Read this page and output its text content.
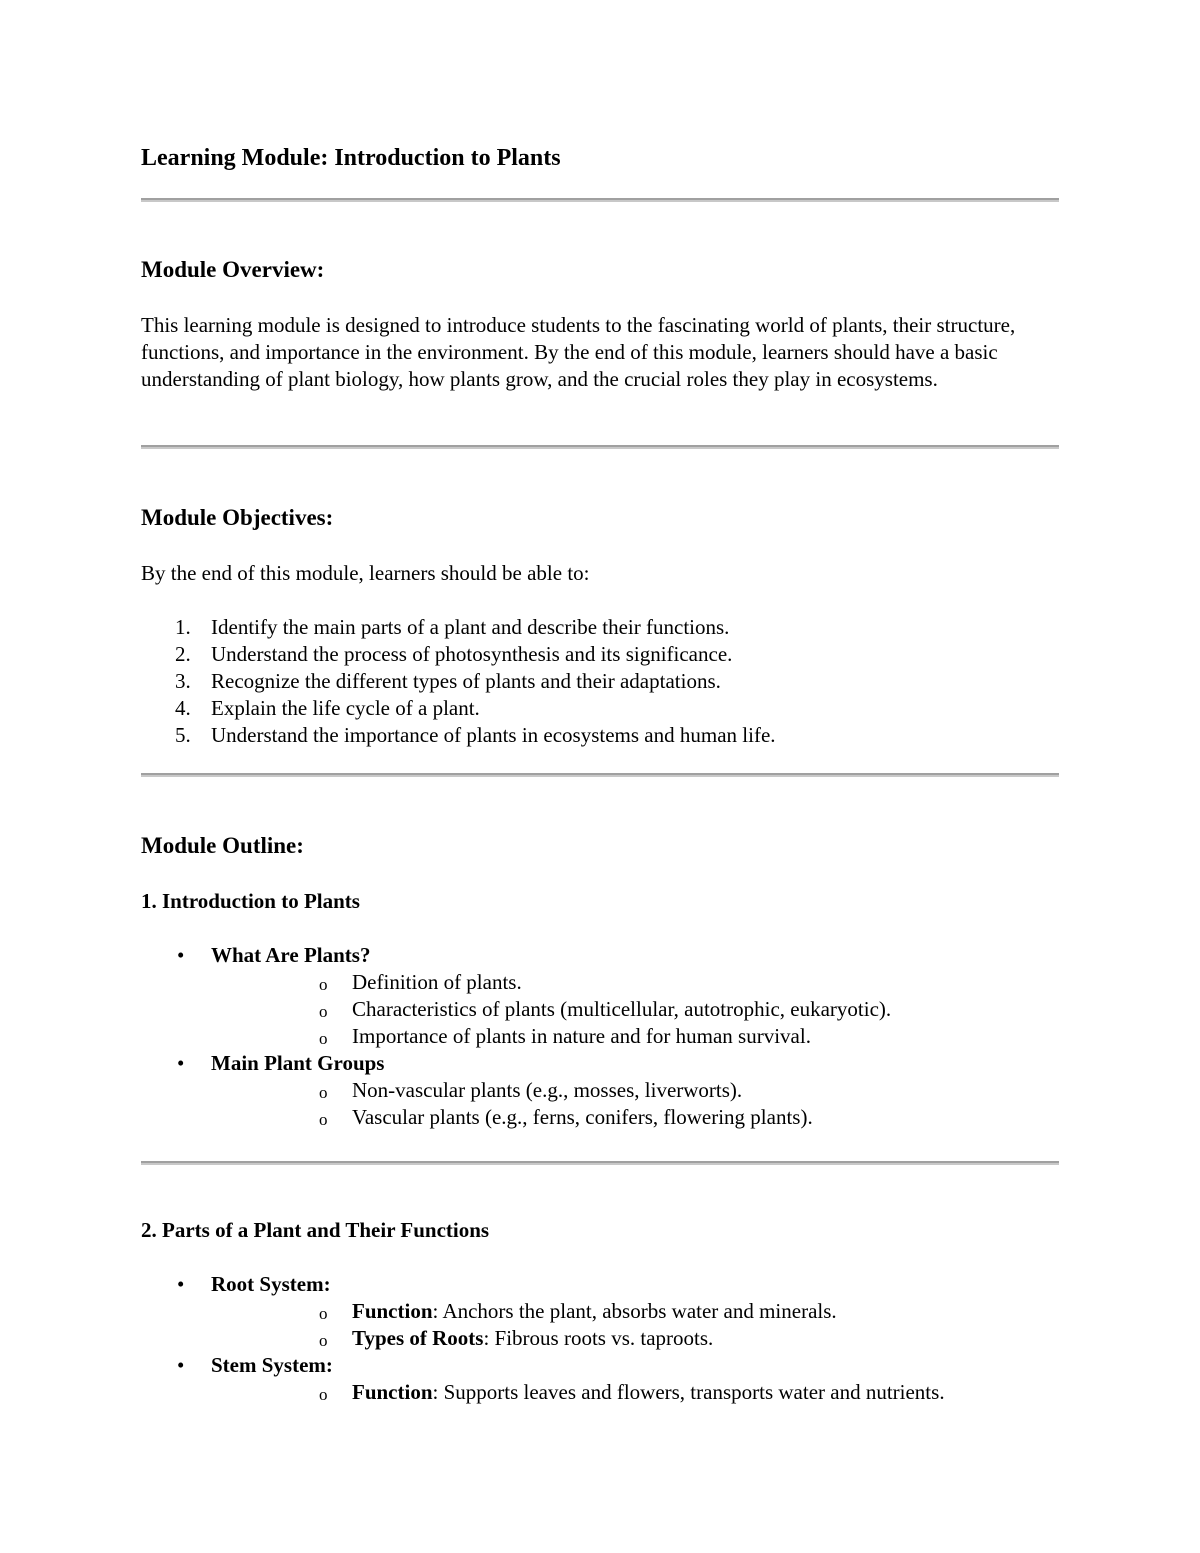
Learning Module: Introduction to Plants
Module Overview:

This learning module is designed to introduce students to the fascinating world of plants, their structure, functions, and importance in the environment. By the end of this module, learners should have a basic understanding of plant biology, how plants grow, and the crucial roles they play in ecosystems.

Module Objectives:

By the end of this module, learners should be able to:

1. Identify the main parts of a plant and describe their functions.
2. Understand the process of photosynthesis and its significance.
3. Recognize the different types of plants and their adaptations.
4. Explain the life cycle of a plant.
5. Understand the importance of plants in ecosystems and human life.
Module Outline:
1. Introduction to Plants
• What Are Plants?
o Definition of plants.
o Characteristics of plants (multicellular, autotrophic, eukaryotic).
o Importance of plants in nature and for human survival.
• Main Plant Groups
o Non-vascular plants (e.g., mosses, liverworts).
o Vascular plants (e.g., ferns, conifers, flowering plants).
2. Parts of a Plant and Their Functions
• Root System:
o Function: Anchors the plant, absorbs water and minerals.
o Types of Roots: Fibrous roots vs. taproots.
• Stem System:
o Function: Supports leaves and flowers, transports water and nutrients.
